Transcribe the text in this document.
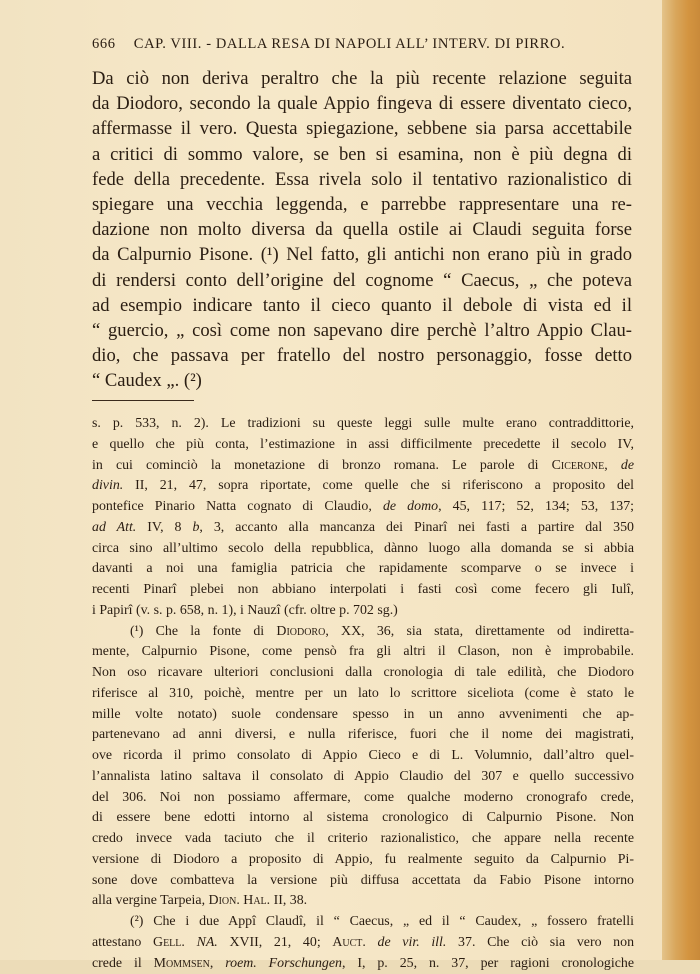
666 CAP. VIII. - DALLA RESA DI NAPOLI ALL’ INTERV. DI PIRRO.
Da ciò non deriva peraltro che la più recente relazione seguita
da Diodoro, secondo la quale Appio fingeva di essere diventato cieco,
affermasse il vero. Questa spiegazione, sebbene sia parsa accettabile
a critici di sommo valore, se ben si esamina, non è più degna di
fede della precedente. Essa rivela solo il tentativo razionalistico di
spiegare una vecchia leggenda, e parrebbe rappresentare una re-
dazione non molto diversa da quella ostile ai Claudi seguita forse
da Calpurnio Pisone. (¹) Nel fatto, gli antichi non erano più in grado
di rendersi conto dell’origine del cognome “ Caecus, „ che poteva
ad esempio indicare tanto il cieco quanto il debole di vista ed il
“ guercio, „ così come non sapevano dire perchè l’altro Appio Clau-
dio, che passava per fratello del nostro personaggio, fosse detto
“ Caudex „. (²)
s. p. 533, n. 2). Le tradizioni su queste leggi sulle multe erano contraddittorie,
e quello che più conta, l’estimazione in assi difficilmente precedette il secolo IV,
in cui cominciò la monetazione di bronzo romana. Le parole di Cicerone, de
divin. II, 21, 47, sopra riportate, come quelle che si riferiscono a proposito del
pontefice Pinario Natta cognato di Claudio, de domo, 45, 117; 52, 134; 53, 137;
ad Att. IV, 8 b, 3, accanto alla mancanza dei Pinarî nei fasti a partire dal 350
circa sino all’ultimo secolo della repubblica, dànno luogo alla domanda se si abbia
davanti a noi una famiglia patricia che rapidamente scomparve o se invece i
recenti Pinarî plebei non abbiano interpolati i fasti così come fecero gli Iulî,
i Papirî (v. s. p. 658, n. 1), i Nauzî (cfr. oltre p. 702 sg.)
(¹) Che la fonte di Diodoro, XX, 36, sia stata, direttamente od indiretta-
mente, Calpurnio Pisone, come pensò fra gli altri il Clason, non è improbabile.
Non oso ricavare ulteriori conclusioni dalla cronologia di tale edilità, che Diodoro
riferisce al 310, poichè, mentre per un lato lo scrittore siceliota (come è stato le
mille volte notato) suole condensare spesso in un anno avvenimenti che ap-
partenevano ad anni diversi, e nulla riferisce, fuori che il nome dei magistrati,
ove ricorda il primo consolato di Appio Cieco e di L. Volumnio, dall’altro quel-
l’annalista latino saltava il consolato di Appio Claudio del 307 e quello successivo
del 306. Noi non possiamo affermare, come qualche moderno cronografo crede,
di essere bene edotti intorno al sistema cronologico di Calpurnio Pisone. Non
credo invece vada taciuto che il criterio razionalistico, che appare nella recente
versione di Diodoro a proposito di Appio, fu realmente seguito da Calpurnio Pi-
sone dove combatteva la versione più diffusa accettata da Fabio Pisone intorno
alla vergine Tarpeia, Dion. Hal. II, 38.
(²) Che i due Appî Claudî, il “ Caecus, „ ed il “ Caudex, „ fossero fratelli
attestano Gell. NA. XVII, 21, 40; Auct. de vir. ill. 37. Che ciò sia vero non
crede il Mommsen, roem. Forschungen, I, p. 25, n. 37, per ragioni cronologiche
